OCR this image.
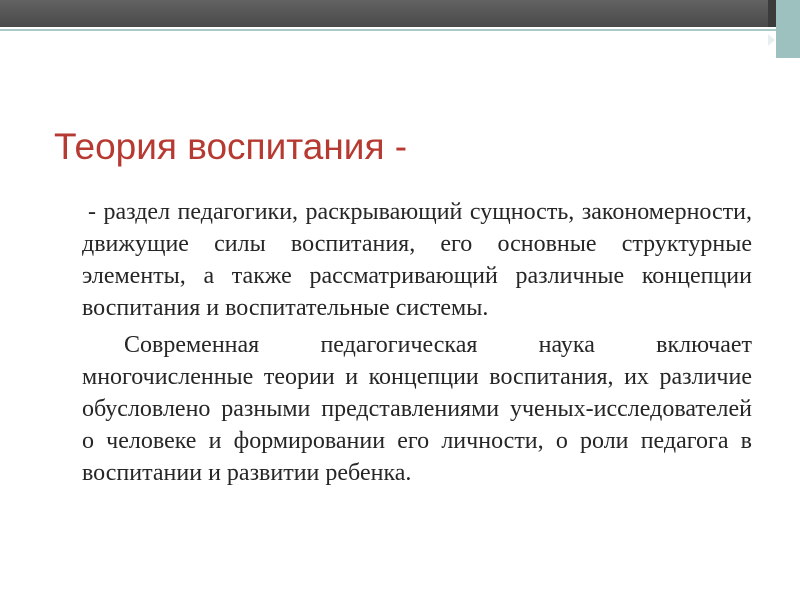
Теория воспитания -

- раздел педагогики, раскрывающий сущность, закономерности, движущие силы воспитания, его основные структурные элементы, а также рассматривающий различные концепции воспитания и воспитательные системы.

Современная педагогическая наука включает многочисленные теории и концепции воспитания, их различие обусловлено разными представлениями ученых-исследователей о человеке и формировании его личности, о роли педагога в воспитании и развитии ребенка.
